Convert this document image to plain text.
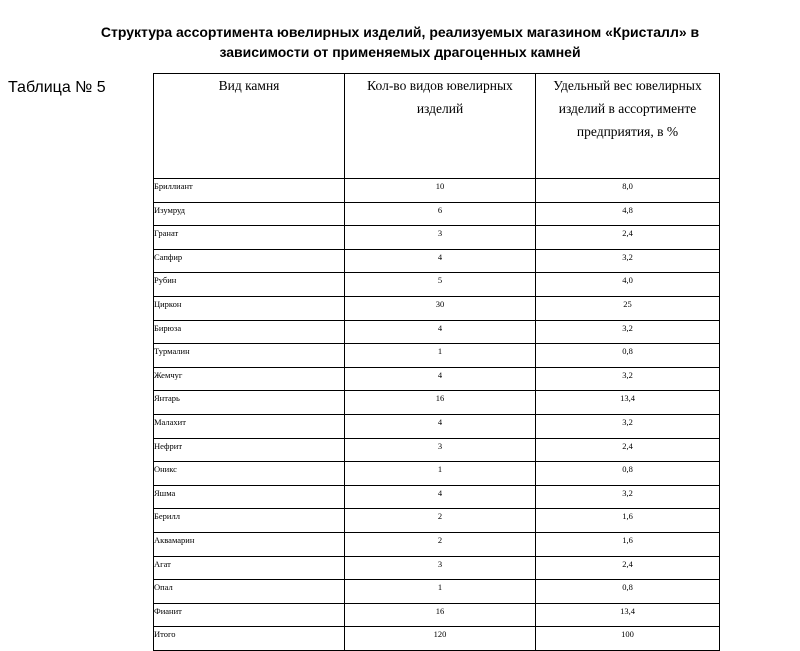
Структура ассортимента ювелирных изделий, реализуемых магазином «Кристалл» в
зависимости от применяемых драгоценных камней
Таблица № 5	Вид камня	Кол-во видов ювелирных изделий	Удельный вес ювелирных изделий в ассортименте предприятия, в %
Бриллиант	10	8,0
Изумруд	6	4,8
Гранат	3	2,4
Сапфир	4	3,2
Рубин	5	4,0
Циркон	30	25
Бирюза	4	3,2
Турмалин	1	0,8
Жемчуг	4	3,2
Янтарь	16	13,4
Малахит	4	3,2
Нефрит	3	2,4
Оникс	1	0,8
Яшма	4	3,2
Берилл	2	1,6
Аквамарин	2	1,6
Агат	3	2,4
Опал	1	0,8
Фианит	16	13,4
Итого	120	100
